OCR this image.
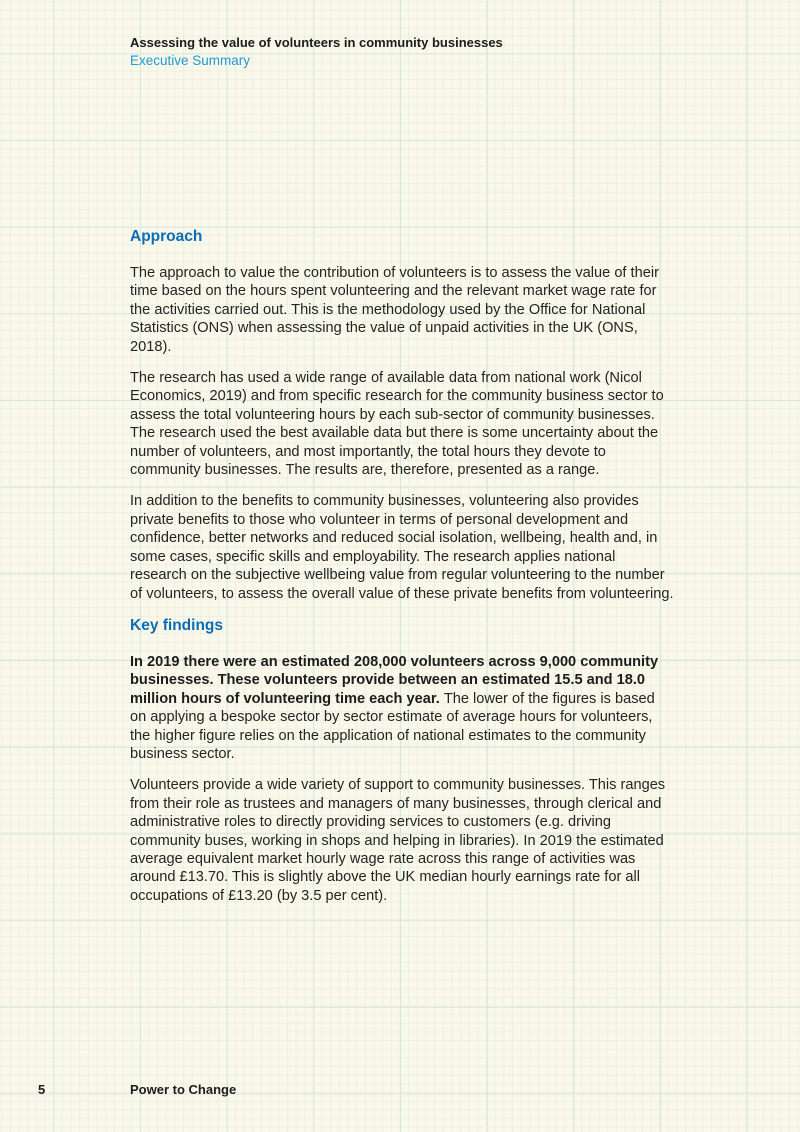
Assessing the value of volunteers in community businesses
Executive Summary
Approach

The approach to value the contribution of volunteers is to assess the value of their time based on the hours spent volunteering and the relevant market wage rate for the activities carried out. This is the methodology used by the Office for National Statistics (ONS) when assessing the value of unpaid activities in the UK (ONS, 2018).

The research has used a wide range of available data from national work (Nicol Economics, 2019) and from specific research for the community business sector to assess the total volunteering hours by each sub-sector of community businesses. The research used the best available data but there is some uncertainty about the number of volunteers, and most importantly, the total hours they devote to community businesses. The results are, therefore, presented as a range.

In addition to the benefits to community businesses, volunteering also provides private benefits to those who volunteer in terms of personal development and confidence, better networks and reduced social isolation, wellbeing, health and, in some cases, specific skills and employability. The research applies national research on the subjective wellbeing value from regular volunteering to the number of volunteers, to assess the overall value of these private benefits from volunteering.

Key findings

In 2019 there were an estimated 208,000 volunteers across 9,000 community businesses. These volunteers provide between an estimated 15.5 and 18.0 million hours of volunteering time each year. The lower of the figures is based on applying a bespoke sector by sector estimate of average hours for volunteers, the higher figure relies on the application of national estimates to the community business sector.

Volunteers provide a wide variety of support to community businesses. This ranges from their role as trustees and managers of many businesses, through clerical and administrative roles to directly providing services to customers (e.g. driving community buses, working in shops and helping in libraries). In 2019 the estimated average equivalent market hourly wage rate across this range of activities was around £13.70. This is slightly above the UK median hourly earnings rate for all occupations of £13.20 (by 3.5 per cent).

5	Power to Change
